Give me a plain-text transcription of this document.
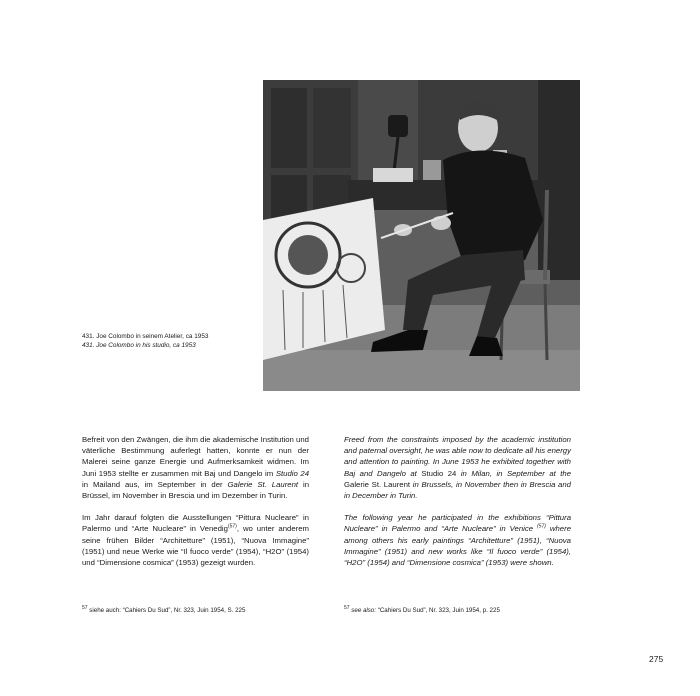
431. Joe Colombo in seinem Atelier, ca 1953
431. Joe Colombo in his studio, ca 1953

Befreit von den Zwängen, die ihm die akademische Institution und väterliche Bestimmung auferlegt hatten, konnte er nun der Malerei seine ganze Energie und Aufmerksamkeit widmen. Im Juni 1953 stellte er zusammen mit Baj und Dangelo im Studio 24 in Mailand aus, im September in der Galerie St. Laurent in Brüssel, im November in Brescia und im Dezember in Turin.

Im Jahr darauf folgten die Ausstellungen “Pittura Nucleare” in Palermo und “Arte Nucleare” in Venedig$^{(57)}$, wo unter anderem seine frühen Bilder “Architetture” (1951), “Nuova Immagine” (1951) und neue Werke wie “Il fuoco verde” (1954), “H2O” (1954) und “Dimensione cosmica” (1953) gezeigt wurden.

Freed from the constraints imposed by the academic institution and paternal oversight, he was able now to dedicate all his energy and attention to painting. In June 1953 he exhibited together with Baj and Dangelo at Studio 24 in Milan, in September at the Galerie St. Laurent in Brussels, in November then in Brescia and in December in Turin.

The following year he participated in the exhibitions “Pittura Nucleare” in Palermo and “Arte Nucleare” in Venice $^{(57)}$ where among others his early paintings “Architetture” (1951), “Nuova Immagine” (1951) and new works like “Il fuoco verde” (1954), “H2O” (1954) and “Dimensione cosmica” (1953) were shown.

$^{57}$ siehe auch: “Cahiers Du Sud”, Nr. 323, Juin 1954, S. 225	$^{57}$ see also: “Cahiers Du Sud”, Nr. 323, Juin 1954, p. 225
275
